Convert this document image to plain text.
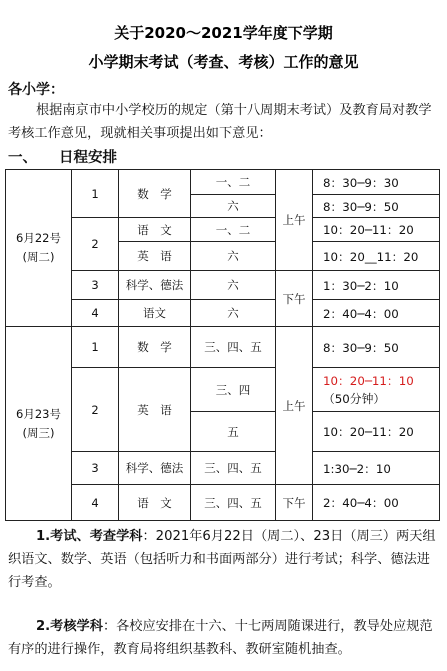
关于2020～2021学年度下学期
小学期末考试（考查、考核）工作的意见
各小学：
根据南京市中小学校历的规定（第十八周期末考试）及教育局对教学考核工作意见，现就相关事项提出如下意见：
一、 日程安排
6月22号
(周二)	1	数　学	一、二	上午	8：30─9：30
			六		8：30─9：50
	2	语　文	一、二		10：20─11：20
		英　语	六		10：20__11：20
	3	科学、德法	六	下午	1：30─2：10
	4	语文	六		2：40─4：00
6月23号
(周三)	1	数　学	三、四、五	上午	8：30─9：50
	2	英　语	三、四		10：20─11：10
（50分钟）
			五		10：20─11：20
	3	科学、德法	三、四、五		1:30─2：10
	4	语　文	三、四、五	下午	2：40─4：00
1.考试、考查学科：2021年6月22日（周二）、23日（周三）两天组织语文、数学、英语（包括听力和书面两部分）进行考试；科学、德法进行考查。
2.考核学科：各校应安排在十六、十七两周随课进行，教导处应规范有序的进行操作，教育局将组织基教科、教研室随机抽查。
